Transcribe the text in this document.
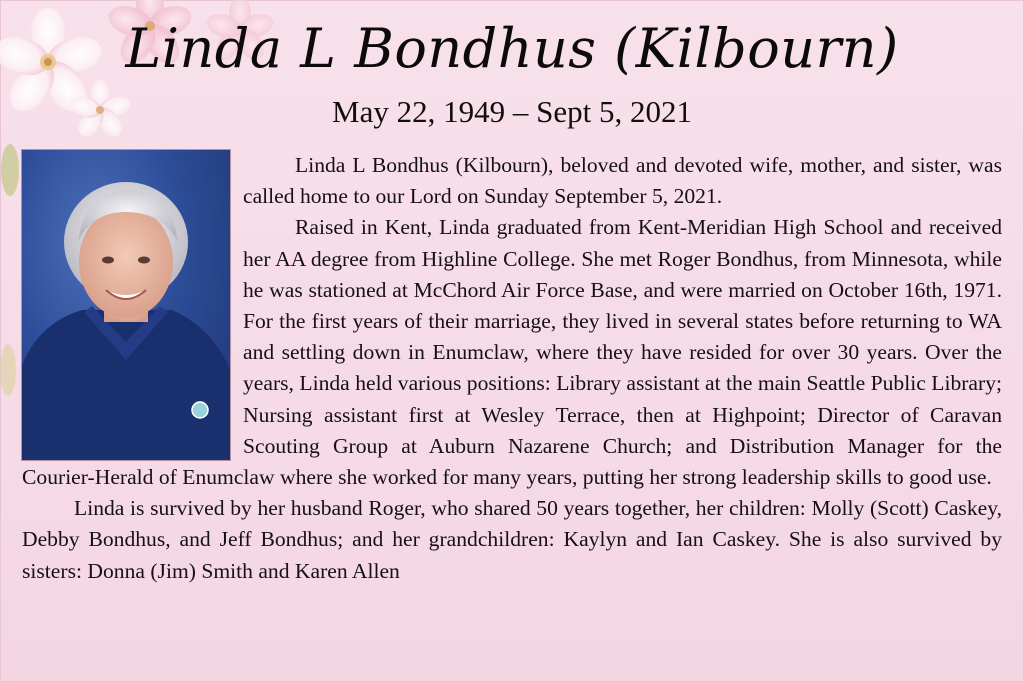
Linda L Bondhus (Kilbourn)
May 22, 1949 – Sept 5, 2021

Linda L Bondhus (Kilbourn), beloved and devoted wife, mother, and sister, was called home to our Lord on Sunday September 5, 2021.

Raised in Kent, Linda graduated from Kent-Meridian High School and received her AA degree from Highline College. She met Roger Bondhus, from Minnesota, while he was stationed at McChord Air Force Base, and were married on October 16th, 1971. For the first years of their marriage, they lived in several states before returning to WA and settling down in Enumclaw, where they have resided for over 30 years. Over the years, Linda held various positions: Library assistant at the main Seattle Public Library; Nursing assistant first at Wesley Terrace, then at Highpoint; Director of Caravan Scouting Group at Auburn Nazarene Church; and Distribution Manager for the Courier-Herald of Enumclaw where she worked for many years, putting her strong leadership skills to good use.

Linda is survived by her husband Roger, who shared 50 years together, her children: Molly (Scott) Caskey, Debby Bondhus, and Jeff Bondhus; and her grandchildren: Kaylyn and Ian Caskey. She is also survived by sisters: Donna (Jim) Smith and Karen Allen
